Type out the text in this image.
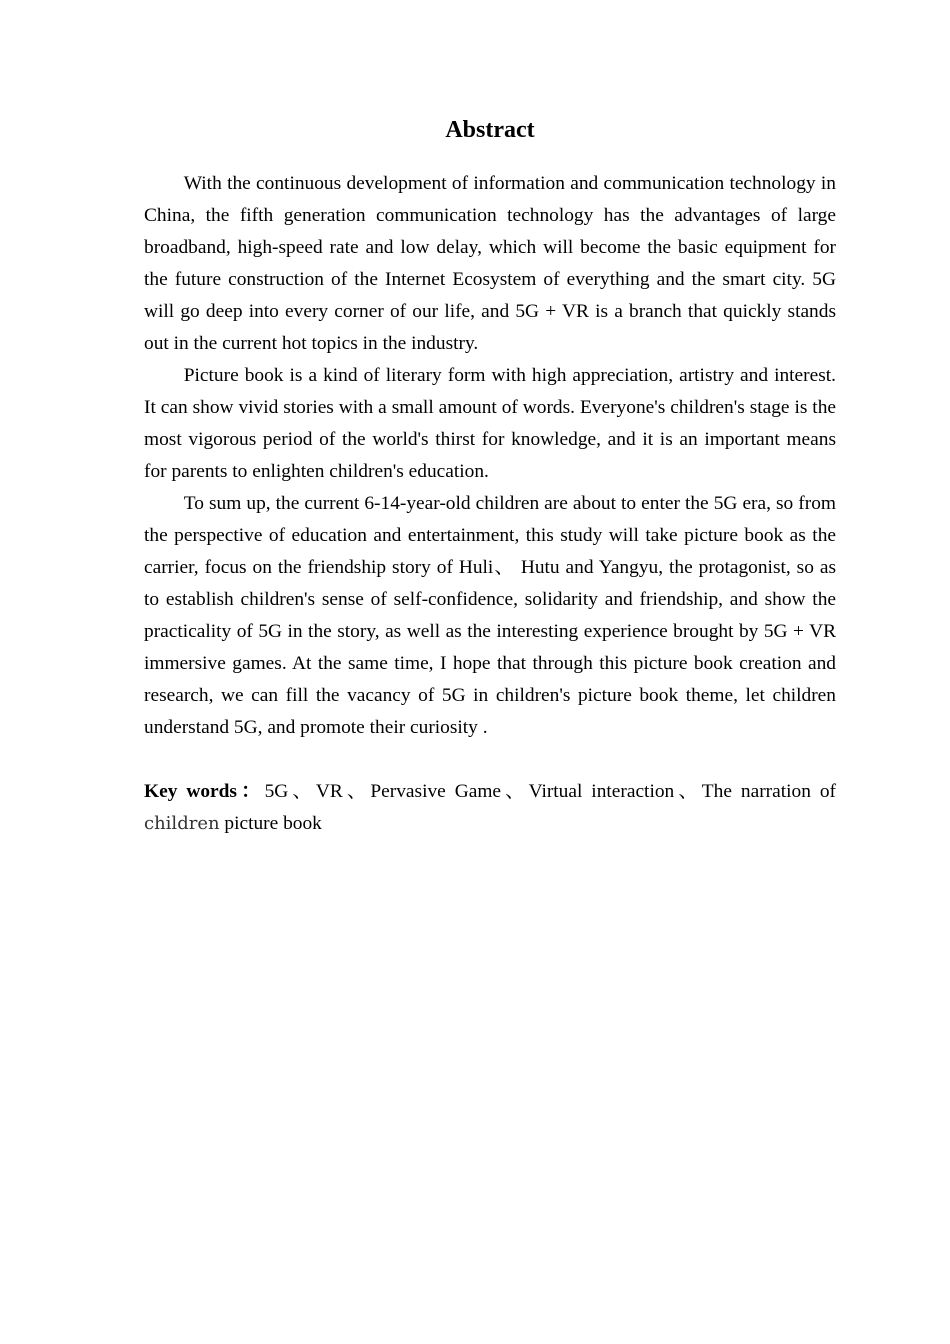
Abstract

With the continuous development of information and communication technology in China, the fifth generation communication technology has the advantages of large broadband, high-speed rate and low delay, which will become the basic equipment for the future construction of the Internet Ecosystem of everything and the smart city. 5G will go deep into every corner of our life, and 5G + VR is a branch that quickly stands out in the current hot topics in the industry.

Picture book is a kind of literary form with high appreciation, artistry and interest. It can show vivid stories with a small amount of words. Everyone's children's stage is the most vigorous period of the world's thirst for knowledge, and it is an important means for parents to enlighten children's education.

To sum up, the current 6-14-year-old children are about to enter the 5G era, so from the perspective of education and entertainment, this study will take picture book as the carrier, focus on the friendship story of Huli、 Hutu and Yangyu, the protagonist, so as to establish children's sense of self-confidence, solidarity and friendship, and show the practicality of 5G in the story, as well as the interesting experience brought by 5G + VR immersive games. At the same time, I hope that through this picture book creation and research, we can fill the vacancy of 5G in children's picture book theme, let children understand 5G, and promote their curiosity .

Key words：5G、VR、Pervasive Game、Virtual interaction、The narration of children picture book
